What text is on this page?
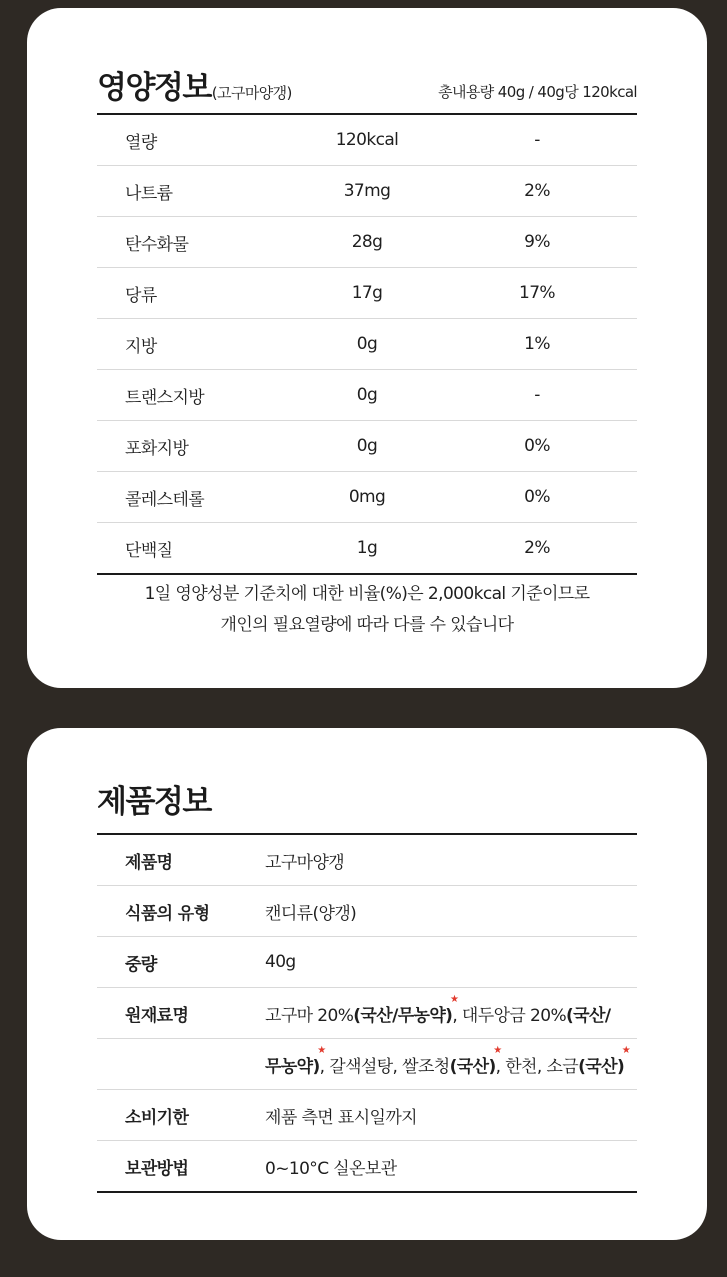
영양정보(고구마양갱)	총내용량 40g / 40g당 120kcal
열량	120kcal	-
나트륨	37mg	2%
탄수화물	28g	9%
당류	17g	17%
지방	0g	1%
트랜스지방	0g	-
포화지방	0g	0%
콜레스테롤	0mg	0%
단백질	1g	2%
1일 영양성분 기준치에 대한 비율(%)은 2,000kcal 기준이므로
개인의 필요열량에 따라 다를 수 있습니다
제품정보
제품명	고구마양갱
식품의 유형	캔디류(양갱)
중량	40g
원재료명	고구마 20%(국산/무농약) ★, 대두앙금 20%(국산/
무농약) ★, 갈색설탕, 쌀조청(국산) ★, 한천, 소금(국산) ★
소비기한	제품 측면 표시일까지
보관방법	0~10°C 실온보관
